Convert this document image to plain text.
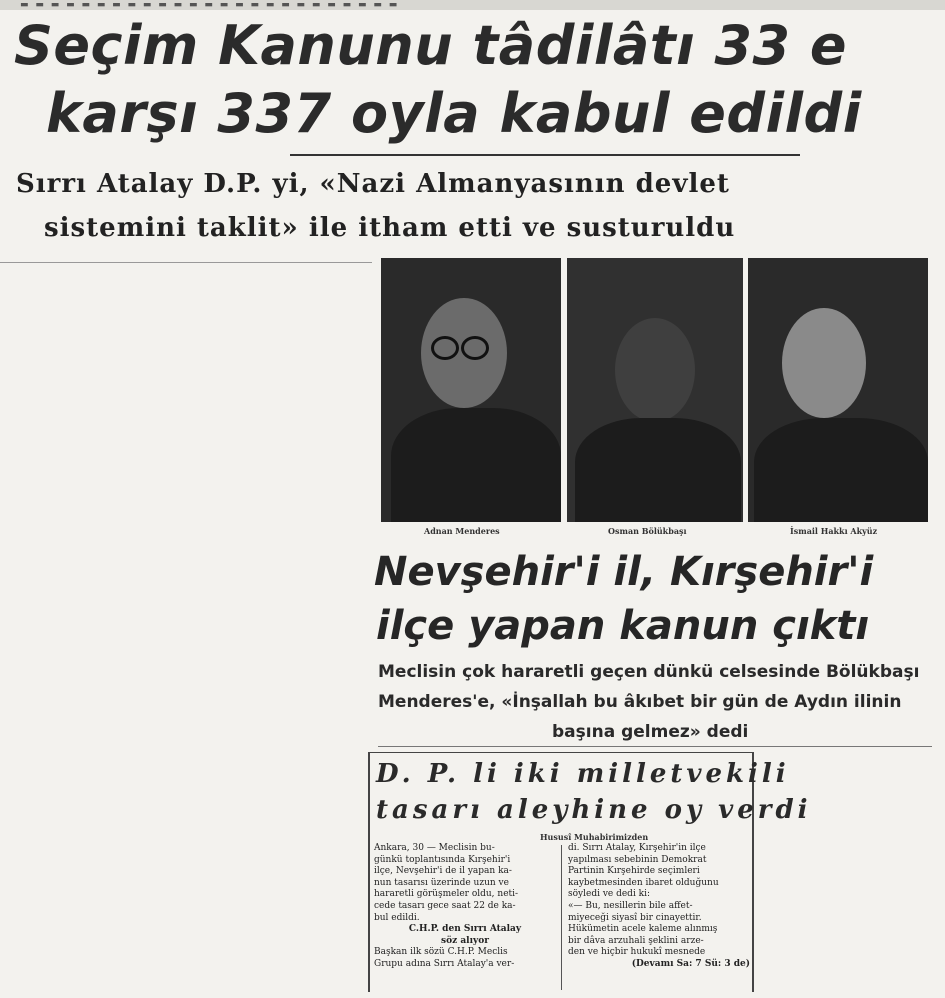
▬ ▬ ▬ ▬ ▬ ▬ ▬ ▬ ▬ ▬ ▬ ▬ ▬ ▬ ▬ ▬ ▬ ▬ ▬ ▬ ▬ ▬ ▬ ▬ ▬
Seçim Kanunu tâdilâtı 33 e
karşı 337 oyla kabul edildi

Sırrı Atalay D.P. yi, «Nazi Almanyasının devlet

sistemini taklit» ile itham etti ve susturuldu

Adnan Menderes	Osman Bölükbaşı	İsmail Hakkı Akyüz
Nevşehir'i il, Kırşehir'i
ilçe yapan kanun çıktı

Meclisin çok hararetli geçen dünkü celsesinde Bölükbaşı

Menderes'e, «İnşallah bu âkıbet bir gün de Aydın ilinin

başına gelmez» dedi

D. P. li iki milletvekili
tasarı aleyhine oy verdi
Hususî Muhabirimizden

Ankara, 30 — Meclisin bu-

günkü toplantısında Kırşehir'i

ilçe, Nevşehir'i de il yapan ka-

nun tasarısı üzerinde uzun ve

hararetli görüşmeler oldu, neti-

cede tasarı gece saat 22 de ka-

bul edildi.

C.H.P. den Sırrı Atalay

söz alıyor

Başkan ilk sözü C.H.P. Meclis

Grupu adına Sırrı Atalay'a ver-

di. Sırrı Atalay, Kırşehir'in ilçe

yapılması sebebinin Demokrat

Partinin Kırşehirde seçimleri

kaybetmesinden ibaret olduğunu

söyledi ve dedi ki:

«— Bu, nesillerin bile affet-

miyeceği siyasî bir cinayettir.

Hükümetin acele kaleme alınmış

bir dâva arzuhali şeklini arze-

den ve hiçbir hukukî mesnede

(Devamı Sa: 7 Sü: 3 de)
